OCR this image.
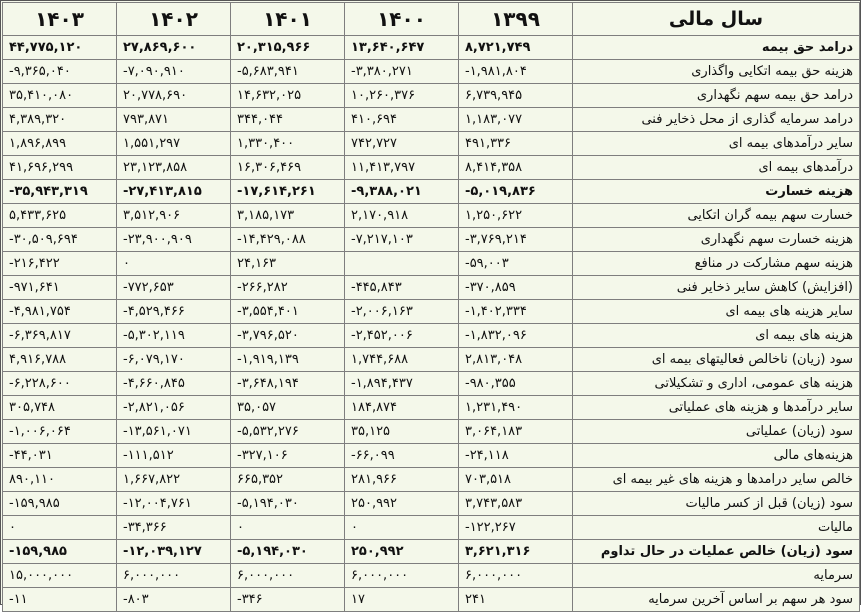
سال مالی	۱۳۹۹	۱۴۰۰	۱۴۰۱	۱۴۰۲	۱۴۰۳
درامد حق بیمه	۸,۷۲۱,۷۴۹	۱۳,۶۴۰,۶۴۷	۲۰,۳۱۵,۹۶۶	۲۷,۸۶۹,۶۰۰	۴۴,۷۷۵,۱۲۰
هزینه حق بیمه اتکایی واگذاری	-۱,۹۸۱,۸۰۴	-۳,۳۸۰,۲۷۱	-۵,۶۸۳,۹۴۱	-۷,۰۹۰,۹۱۰	-۹,۳۶۵,۰۴۰
درامد حق بیمه سهم نگهداری	۶,۷۳۹,۹۴۵	۱۰,۲۶۰,۳۷۶	۱۴,۶۳۲,۰۲۵	۲۰,۷۷۸,۶۹۰	۳۵,۴۱۰,۰۸۰
درامد سرمایه گذاری از محل ذخایر فنی	۱,۱۸۳,۰۷۷	۴۱۰,۶۹۴	۳۴۴,۰۴۴	۷۹۳,۸۷۱	۴,۳۸۹,۳۲۰
سایر درآمدهای بیمه ای	۴۹۱,۳۳۶	۷۴۲,۷۲۷	۱,۳۳۰,۴۰۰	۱,۵۵۱,۲۹۷	۱,۸۹۶,۸۹۹
درآمدهای بیمه ای	۸,۴۱۴,۳۵۸	۱۱,۴۱۳,۷۹۷	۱۶,۳۰۶,۴۶۹	۲۳,۱۲۳,۸۵۸	۴۱,۶۹۶,۲۹۹
هزینه خسارت	-۵,۰۱۹,۸۳۶	-۹,۳۸۸,۰۲۱	-۱۷,۶۱۴,۲۶۱	-۲۷,۴۱۳,۸۱۵	-۳۵,۹۴۳,۳۱۹
خسارت سهم بیمه گران اتکایی	۱,۲۵۰,۶۲۲	۲,۱۷۰,۹۱۸	۳,۱۸۵,۱۷۳	۳,۵۱۲,۹۰۶	۵,۴۳۳,۶۲۵
هزینه خسارت سهم نگهداری	-۳,۷۶۹,۲۱۴	-۷,۲۱۷,۱۰۳	-۱۴,۴۲۹,۰۸۸	-۲۳,۹۰۰,۹۰۹	-۳۰,۵۰۹,۶۹۴
هزینه سهم مشارکت در منافع	-۵۹,۰۰۳		۲۴,۱۶۳	۰	-۲۱۶,۴۲۲
(افزایش) کاهش سایر ذخایر فنی	-۳۷۰,۸۵۹	-۴۴۵,۸۴۳	-۲۶۶,۲۸۲	-۷۷۲,۶۵۳	-۹۷۱,۶۴۱
سایر هزینه های بیمه ای	-۱,۴۰۲,۳۳۴	-۲,۰۰۶,۱۶۳	-۳,۵۵۴,۴۰۱	-۴,۵۲۹,۴۶۶	-۴,۹۸۱,۷۵۴
هزینه های بیمه ای	-۱,۸۳۲,۰۹۶	-۲,۴۵۲,۰۰۶	-۳,۷۹۶,۵۲۰	-۵,۳۰۲,۱۱۹	-۶,۳۶۹,۸۱۷
سود (زیان) ناخالص فعالیتهای بیمه ای	۲,۸۱۳,۰۴۸	۱,۷۴۴,۶۸۸	-۱,۹۱۹,۱۳۹	-۶,۰۷۹,۱۷۰	۴,۹۱۶,۷۸۸
هزینه های عمومی، اداری و تشکیلاتی	-۹۸۰,۳۵۵	-۱,۸۹۴,۴۳۷	-۳,۶۴۸,۱۹۴	-۴,۶۶۰,۸۴۵	-۶,۲۲۸,۶۰۰
سایر درآمدها و هزینه های عملیاتی	۱,۲۳۱,۴۹۰	۱۸۴,۸۷۴	۳۵,۰۵۷	-۲,۸۲۱,۰۵۶	۳۰۵,۷۴۸
سود (زیان) عملیاتی	۳,۰۶۴,۱۸۳	۳۵,۱۲۵	-۵,۵۳۲,۲۷۶	-۱۳,۵۶۱,۰۷۱	-۱,۰۰۶,۰۶۴
هزینه‌های مالی	-۲۴,۱۱۸	-۶۶,۰۹۹	-۳۲۷,۱۰۶	-۱۱۱,۵۱۲	-۴۴,۰۳۱
خالص سایر درامدها و هزینه های غیر بیمه ای	۷۰۳,۵۱۸	۲۸۱,۹۶۶	۶۶۵,۳۵۲	۱,۶۶۷,۸۲۲	۸۹۰,۱۱۰
سود (زیان) قبل از کسر مالیات	۳,۷۴۳,۵۸۳	۲۵۰,۹۹۲	-۵,۱۹۴,۰۳۰	-۱۲,۰۰۴,۷۶۱	-۱۵۹,۹۸۵
مالیات	-۱۲۲,۲۶۷	۰	۰	-۳۴,۳۶۶	۰
سود (زیان) خالص عملیات در حال تداوم	۳,۶۲۱,۳۱۶	۲۵۰,۹۹۲	-۵,۱۹۴,۰۳۰	-۱۲,۰۳۹,۱۲۷	-۱۵۹,۹۸۵
سرمایه	۶,۰۰۰,۰۰۰	۶,۰۰۰,۰۰۰	۶,۰۰۰,۰۰۰	۶,۰۰۰,۰۰۰	۱۵,۰۰۰,۰۰۰
سود هر سهم بر اساس آخرین سرمایه	۲۴۱	۱۷	-۳۴۶	-۸۰۳	-۱۱
